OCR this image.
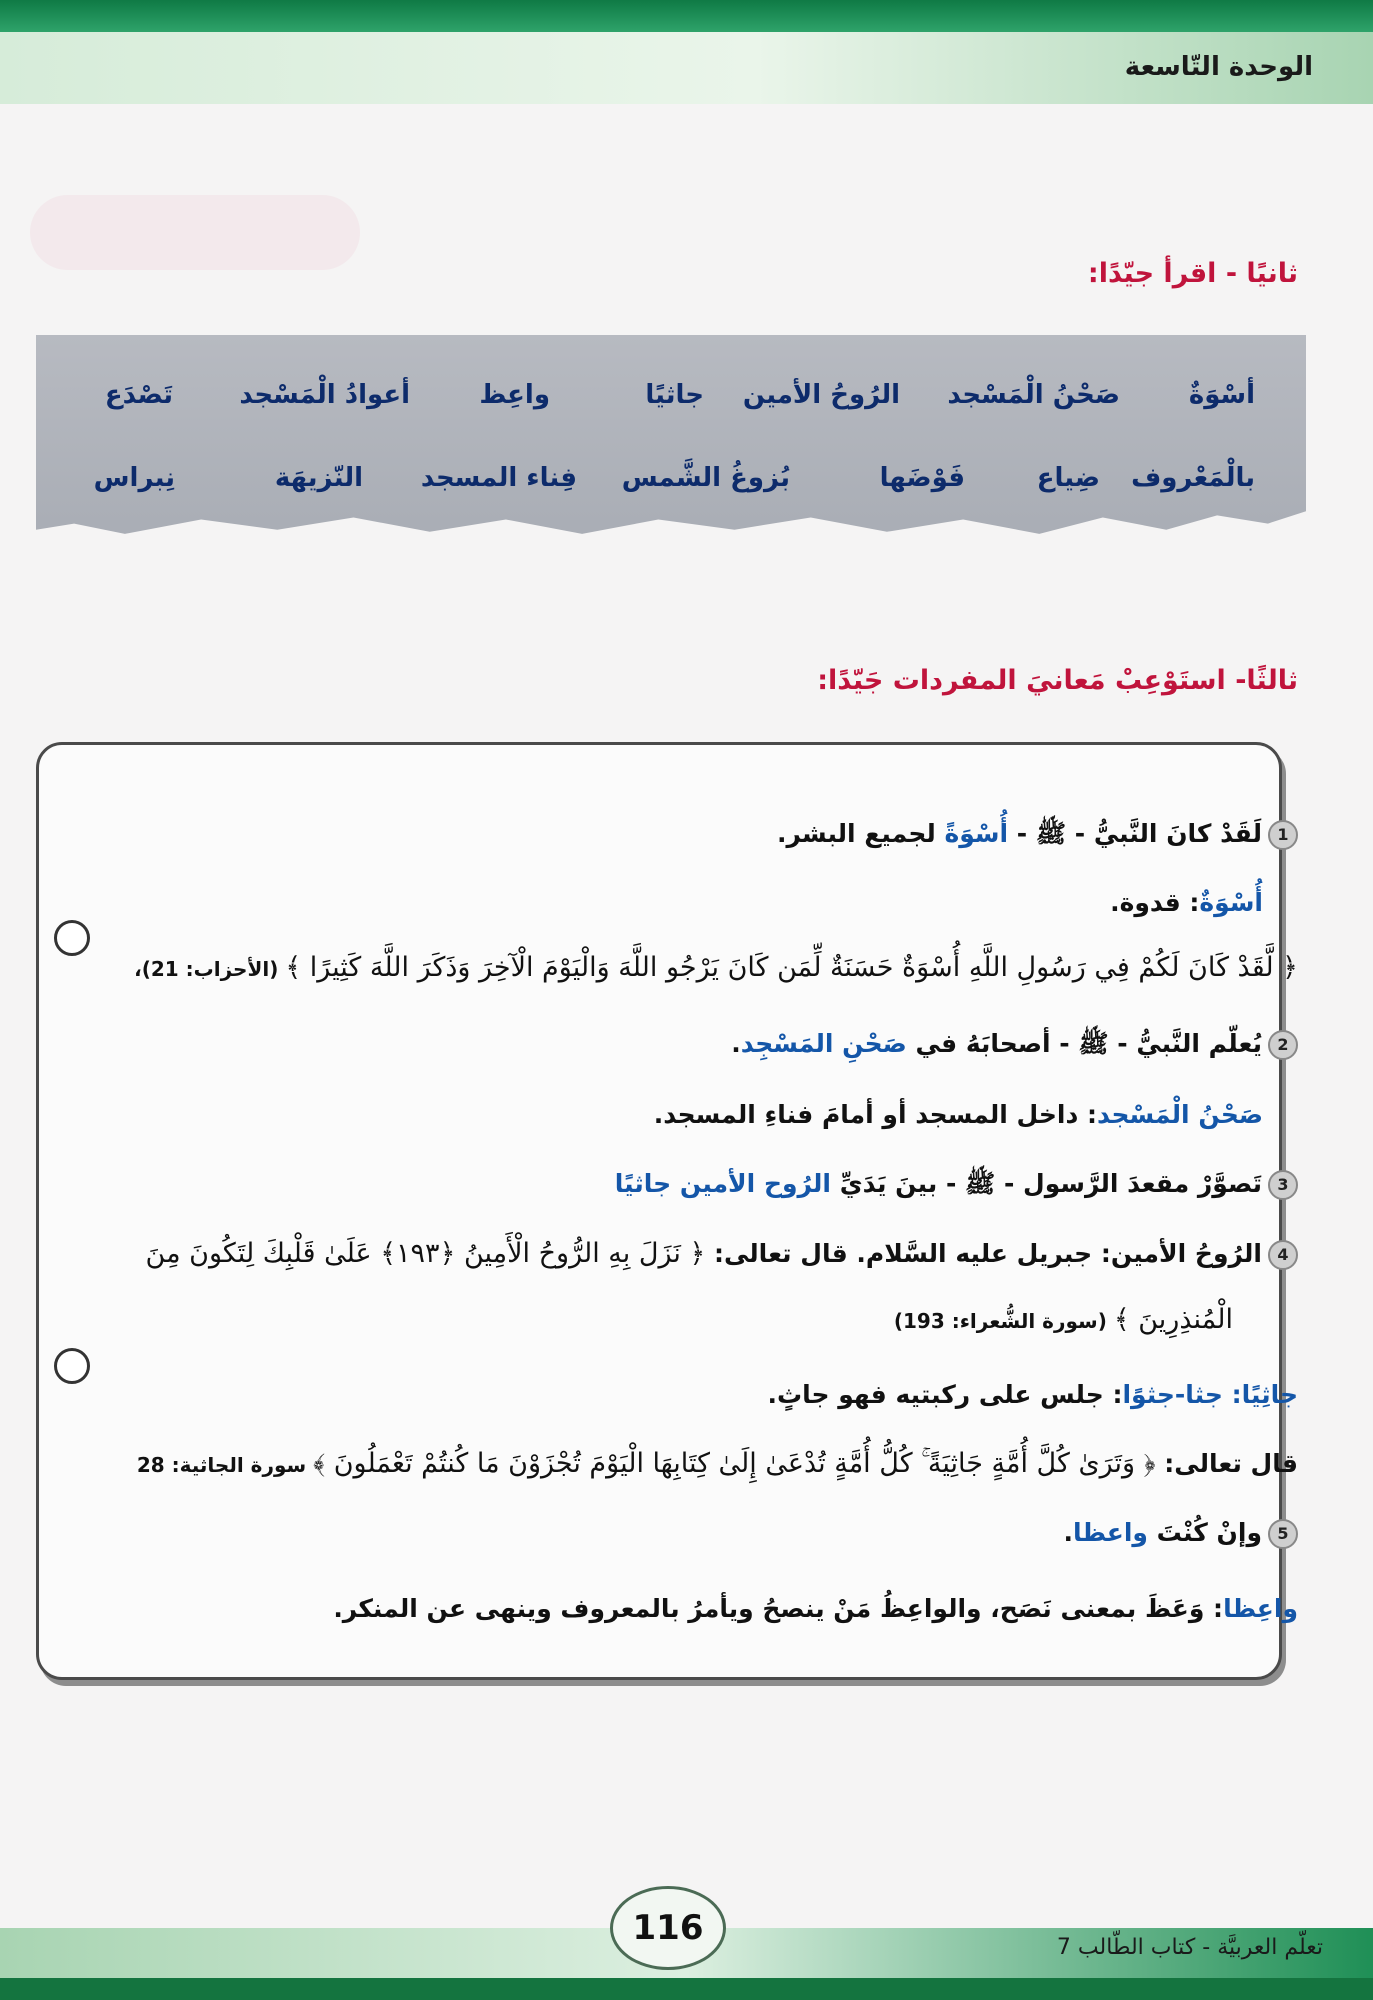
الوحدة التّاسعة
ثانيًا - اقرأ جيّدًا:
أسْوَةٌ
صَحْنُ الْمَسْجد
الرُوحُ الأمين
جاثيًا
واعِظ
أعوادُ الْمَسْجد
تَصْدَع
بالْمَعْروف
ضِياع
فَوْضَها
بُزوغُ الشَّمس
فِناء المسجد
النّزيهَة
نِبراس
ثالثًا- استَوْعِبْ مَعانيَ المفردات جَيّدًا:
1لَقَدْ كانَ النَّبيُّ - ﷺ - أُسْوَةً لجميع البشر.
أُسْوَةٌ: قدوة.
﴿ لَّقَدْ كَانَ لَكُمْ فِي رَسُولِ اللَّهِ أُسْوَةٌ حَسَنَةٌ لِّمَن كَانَ يَرْجُو اللَّهَ وَالْيَوْمَ الْآخِرَ وَذَكَرَ اللَّهَ كَثِيرًا ﴾ (الأحزاب: 21)،
2يُعلّم النَّبيُّ - ﷺ - أصحابَهُ في صَحْنِ المَسْجِد.
صَحْنُ الْمَسْجد: داخل المسجد أو أمامَ فناءِ المسجد.
3تَصوَّرْ مقعدَ الرَّسول - ﷺ - بينَ يَدَيِّ الرُوح الأمين جاثيًا
4الرُوحُ الأمين: جبريل عليه السَّلام. قال تعالى: ﴿ نَزَلَ بِهِ الرُّوحُ الْأَمِينُ ﴿١٩٣﴾ عَلَىٰ قَلْبِكَ لِتَكُونَ مِنَ
الْمُنذِرِينَ ﴾ (سورة الشُّعراء: 193)
جاثِيًا: جثا-جثوًا: جلس على ركبتيه فهو جاثٍ.
قال تعالى: ﴿ وَتَرَىٰ كُلَّ أُمَّةٍ جَاثِيَةً ۚ كُلُّ أُمَّةٍ تُدْعَىٰ إِلَىٰ كِتَابِهَا الْيَوْمَ تُجْزَوْنَ مَا كُنتُمْ تَعْمَلُونَ ﴾ سورة الجاثية: 28
5وإنْ كُنْتَ واعظا.
واعِظا: وَعَظَ بمعنى نَصَح، والواعِظُ مَنْ ينصحُ ويأمرُ بالمعروف وينهى عن المنكر.
116	تعلّم العربيَّة - كتاب الطّالب 7
